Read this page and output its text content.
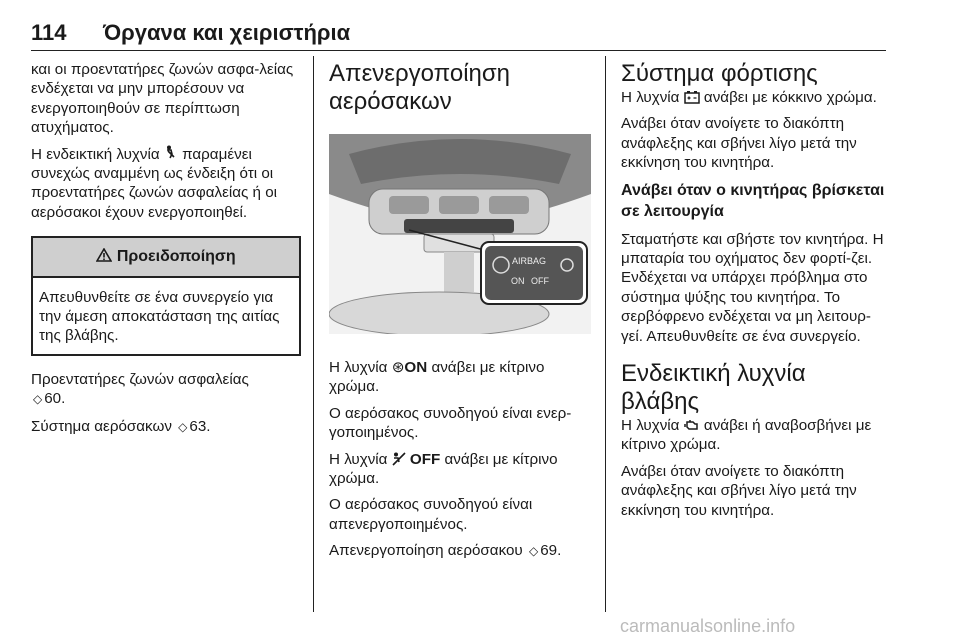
114 Όργανα και χειριστήρια

και οι προεντατήρες ζωνών ασφα-λείας ενδέχεται να μην μπορέσουν να ενεργοποιηθούν σε περίπτωση ατυχήματος.

Η ενδεικτική λυχνία παραμένει συνεχώς αναμμένη ως ένδειξη ότι οι προεντατήρες ζωνών ασφαλείας ή οι αερόσακοι έχουν ενεργοποιηθεί.

Προειδοποίηση
Απευθυνθείτε σε ένα συνεργείο για την άμεση αποκατάσταση της αιτίας της βλάβης.

Προεντατήρες ζωνών ασφαλείας
◇ 60.

Σύστημα αερόσακων ◇ 63.

Απενεργοποίηση αερόσακων
AIRBAG
ON OFF

Η λυχνία ⊛ON ανάβει με κίτρινο χρώμα.

Ο αερόσακος συνοδηγού είναι ενερ-γοποιημένος.

Η λυχνία OFF ανάβει με κίτρινο χρώμα.

Ο αερόσακος συνοδηγού είναι απενεργοποιημένος.

Απενεργοποίηση αερόσακου ◇ 69.

Σύστημα φόρτισης

Η λυχνία ανάβει με κόκκινο χρώμα.

Ανάβει όταν ανοίγετε το διακόπτη ανάφλεξης και σβήνει λίγο μετά την εκκίνηση του κινητήρα.

Ανάβει όταν ο κινητήρας βρίσκεται σε λειτουργία

Σταματήστε και σβήστε τον κινητήρα. Η μπαταρία του οχήματος δεν φορτί-ζει. Ενδέχεται να υπάρχει πρόβλημα στο σύστημα ψύξης του κινητήρα. Το σερβόφρενο ενδέχεται να μη λειτουρ-γεί. Απευθυνθείτε σε ένα συνεργείο.

Ενδεικτική λυχνία βλάβης

Η λυχνία ανάβει ή αναβοσβήνει με κίτρινο χρώμα.

Ανάβει όταν ανοίγετε το διακόπτη ανάφλεξης και σβήνει λίγο μετά την εκκίνηση του κινητήρα.

carmanualsonline.info
